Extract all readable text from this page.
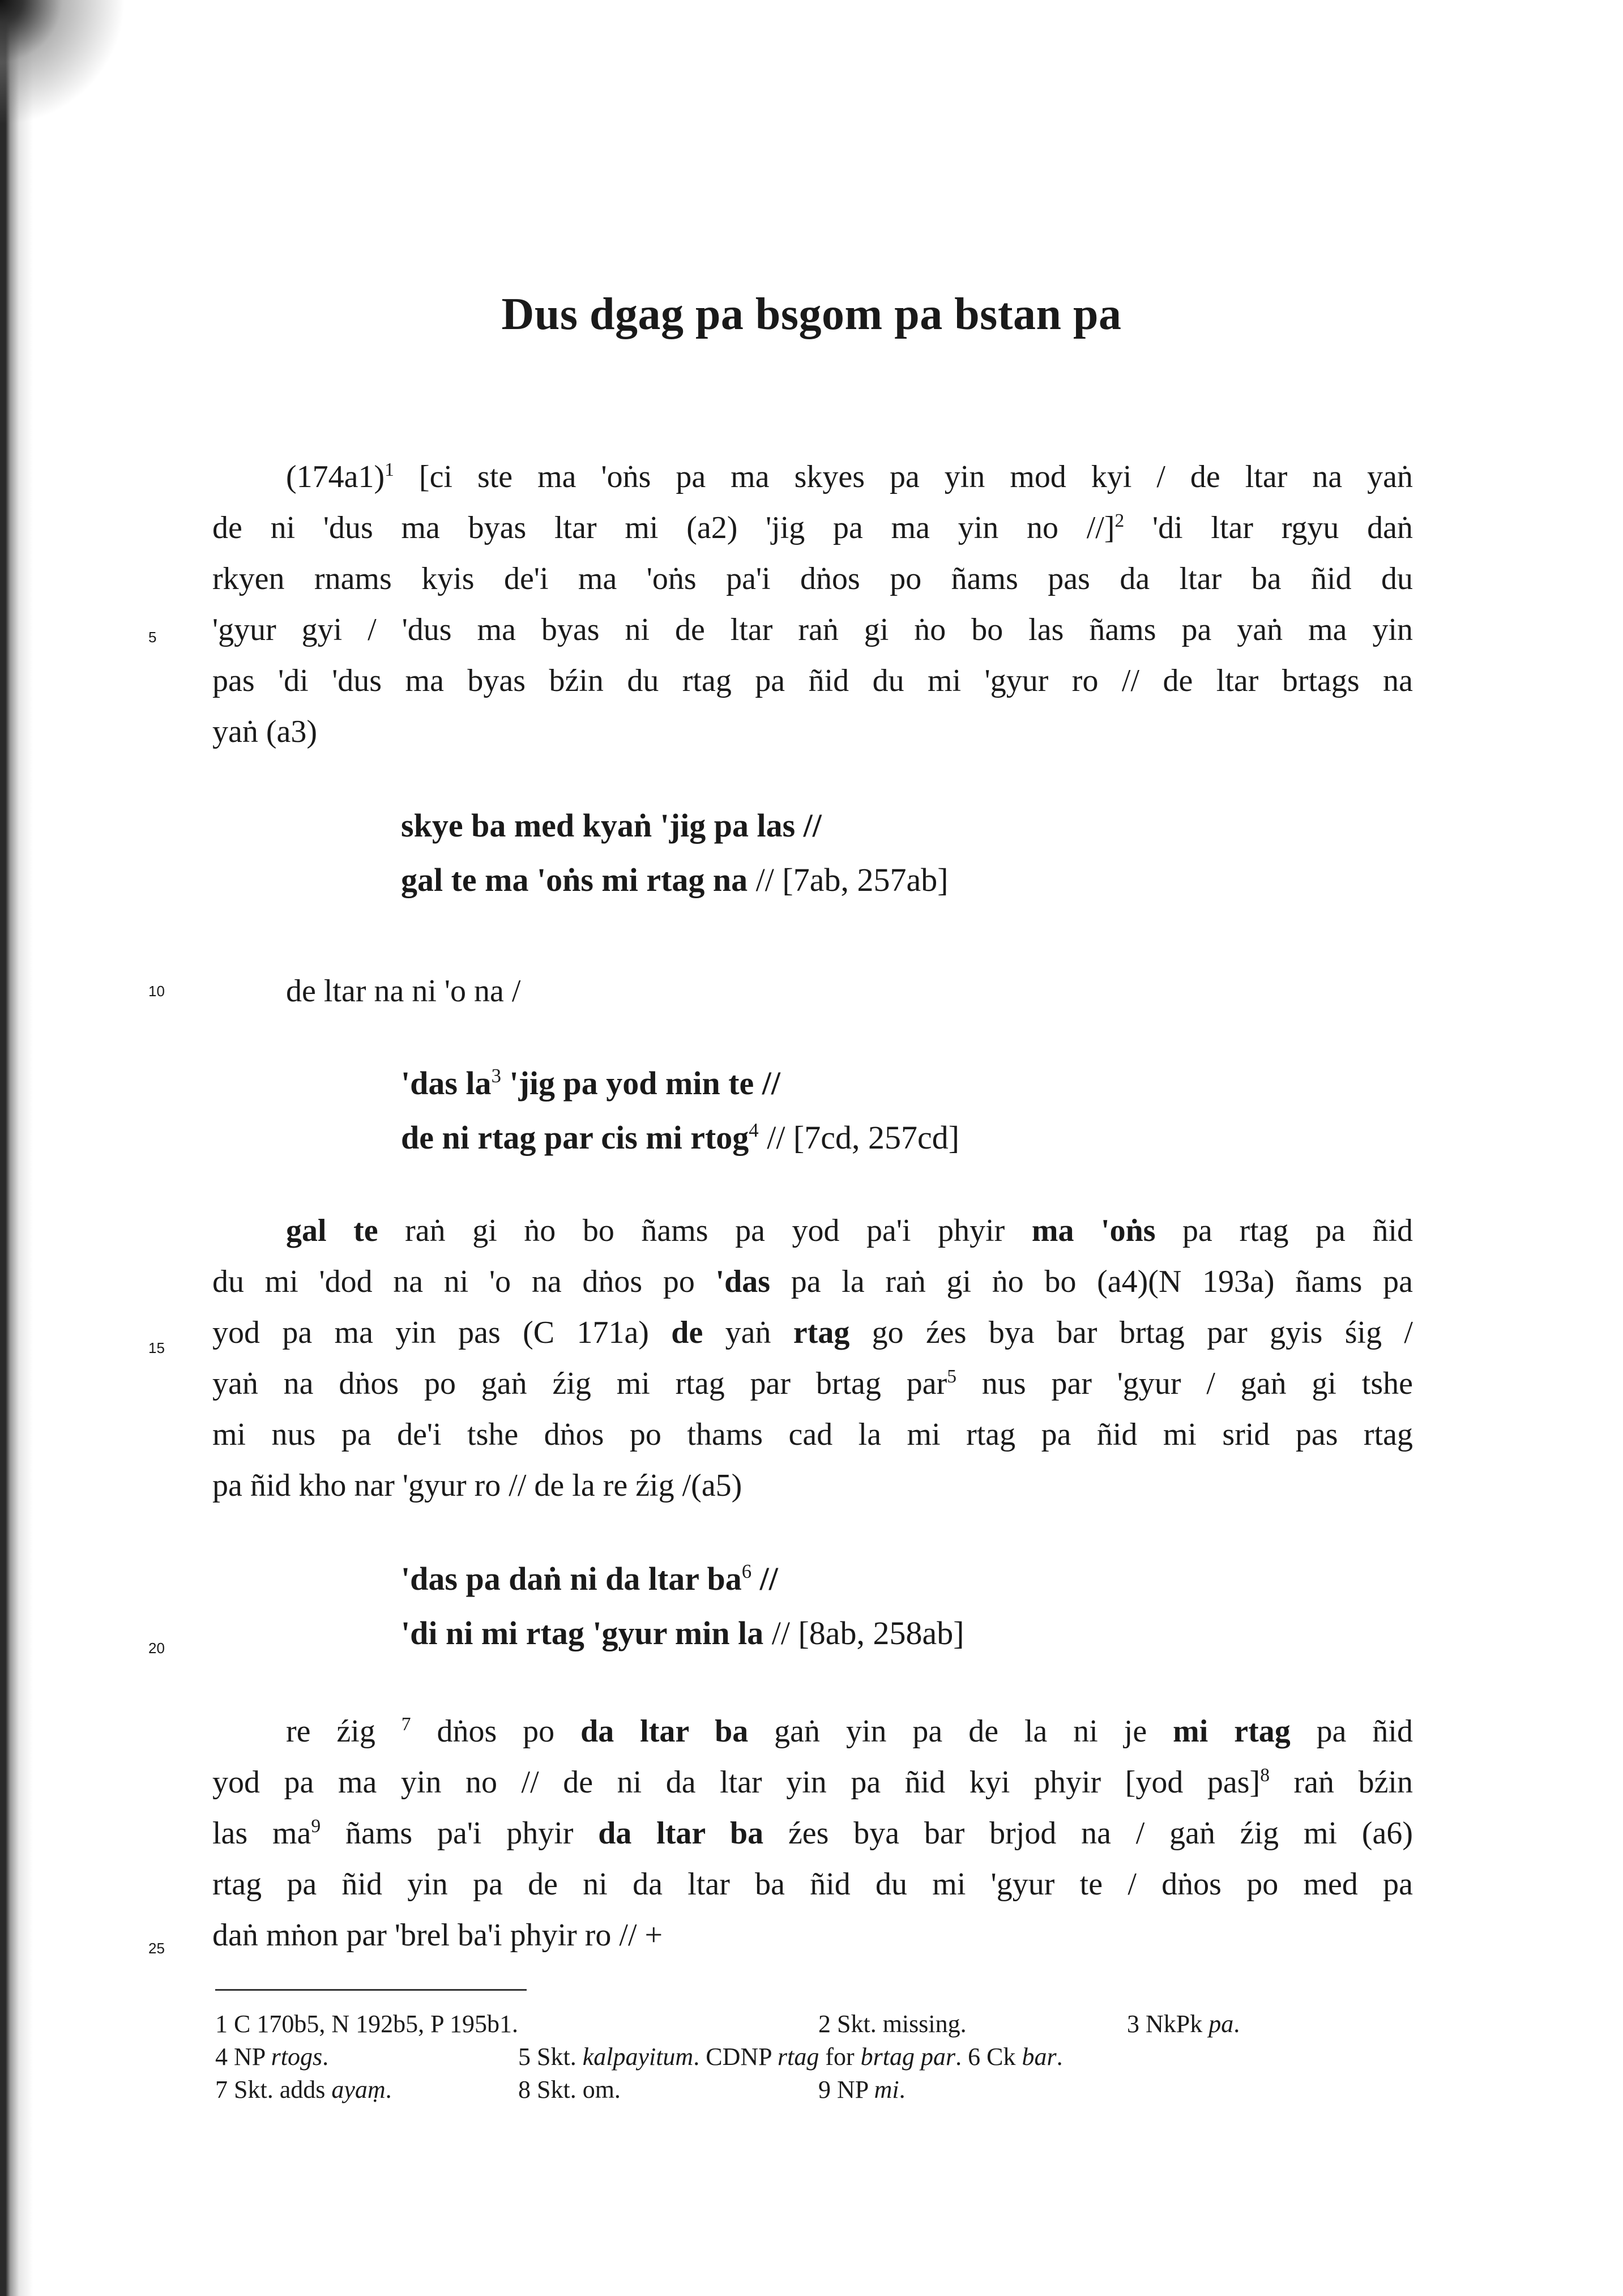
Dus dgag pa bsgom pa bstan pa
5
10
15
20
25
$(174a1)^1$ [ci ste ma 'oṅs pa ma skyes pa yin mod kyi / de ltar na yaṅ
de ni 'dus ma byas ltar mi (a2) 'jig pa ma yin no //]$^2$ 'di ltar rgyu daṅ
rkyen rnams kyis de'i ma 'oṅs pa'i dṅos po ñams pas da ltar ba ñid du
'gyur gyi / 'dus ma byas ni de ltar raṅ gi ṅo bo las ñams pa yaṅ ma yin
pas 'di 'dus ma byas bźin du rtag pa ñid du mi 'gyur ro // de ltar brtags na
yaṅ (a3)
skye ba med kyaṅ 'jig pa las //
gal te ma 'oṅs mi rtag na // [7ab, 257ab]
de ltar na ni 'o na /
'das la$^3$ 'jig pa yod min te //
de ni rtag par cis mi rtog$^4$ // [7cd, 257cd]
gal te raṅ gi ṅo bo ñams pa yod pa'i phyir ma 'oṅs pa rtag pa ñid
du mi 'dod na ni 'o na dṅos po 'das pa la raṅ gi ṅo bo (a4)(N 193a) ñams pa
yod pa ma yin pas (C 171a) de yaṅ rtag go źes bya bar brtag par gyis śig /
yaṅ na dṅos po gaṅ źig mi rtag par brtag par$^5$ nus par 'gyur / gaṅ gi tshe
mi nus pa de'i tshe dṅos po thams cad la mi rtag pa ñid mi srid pas rtag
pa ñid kho nar 'gyur ro // de la re źig /(a5)
'das pa daṅ ni da ltar ba$^6$ //
'di ni mi rtag 'gyur min la // [8ab, 258ab]
re źig $^7$ dṅos po da ltar ba gaṅ yin pa de la ni je mi rtag pa ñid
yod pa ma yin no // de ni da ltar yin pa ñid kyi phyir [yod pas]$^8$ raṅ bźin
las $ma^9$ ñams pa'i phyir da ltar ba źes bya bar brjod na / gaṅ źig mi (a6)
rtag pa ñid yin pa de ni da ltar ba ñid du mi 'gyur te / dṅos po med pa
daṅ mṅon par 'brel ba'i phyir ro // +
1 C 170b5, N 192b5, P 195b1.	2 Skt. missing.	3 NkPk pa.
4 NP rtogs.	5 Skt. kalpayitum. CDNP rtag for brtag par. 6 Ck bar.
7 Skt. adds ayaṃ.	8 Skt. om.	9 NP mi.
